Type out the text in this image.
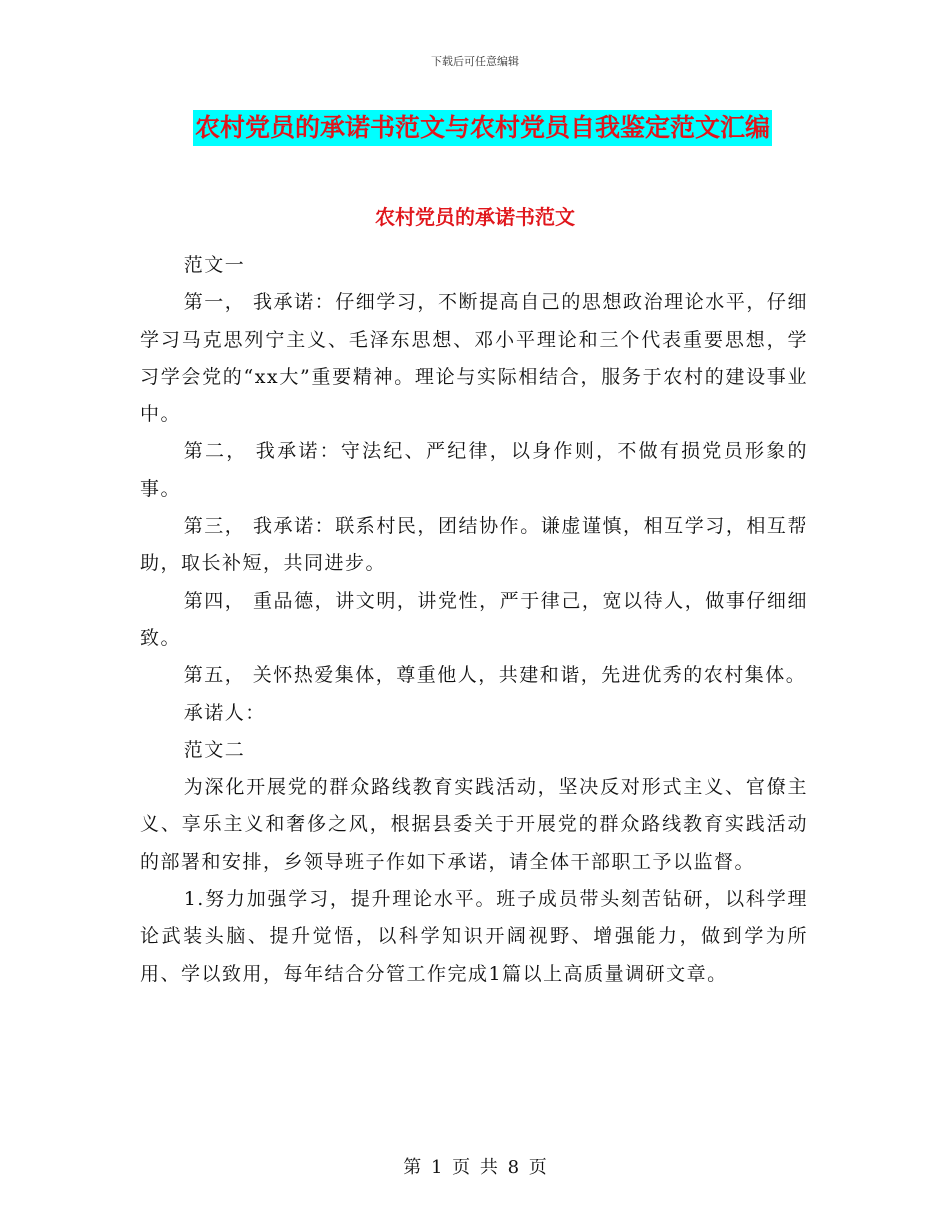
下载后可任意编辑
农村党员的承诺书范文与农村党员自我鉴定范文汇编
农村党员的承诺书范文

范文一

第一， 我承诺：仔细学习，不断提高自己的思想政治理论水平，仔细学习马克思列宁主义、毛泽东思想、邓小平理论和三个代表重要思想，学习学会党的“xx大”重要精神。理论与实际相结合，服务于农村的建设事业中。

第二， 我承诺：守法纪、严纪律，以身作则，不做有损党员形象的事。

第三， 我承诺：联系村民，团结协作。谦虚谨慎，相互学习，相互帮助，取长补短，共同进步。

第四， 重品德，讲文明，讲党性，严于律己，宽以待人，做事仔细细致。

第五， 关怀热爱集体，尊重他人，共建和谐，先进优秀的农村集体。

承诺人：

范文二

为深化开展党的群众路线教育实践活动，坚决反对形式主义、官僚主义、享乐主义和奢侈之风，根据县委关于开展党的群众路线教育实践活动的部署和安排，乡领导班子作如下承诺，请全体干部职工予以监督。

1.努力加强学习，提升理论水平。班子成员带头刻苦钻研，以科学理论武装头脑、提升觉悟，以科学知识开阔视野、增强能力，做到学为所用、学以致用，每年结合分管工作完成1篇以上高质量调研文章。

第 1 页 共 8 页
